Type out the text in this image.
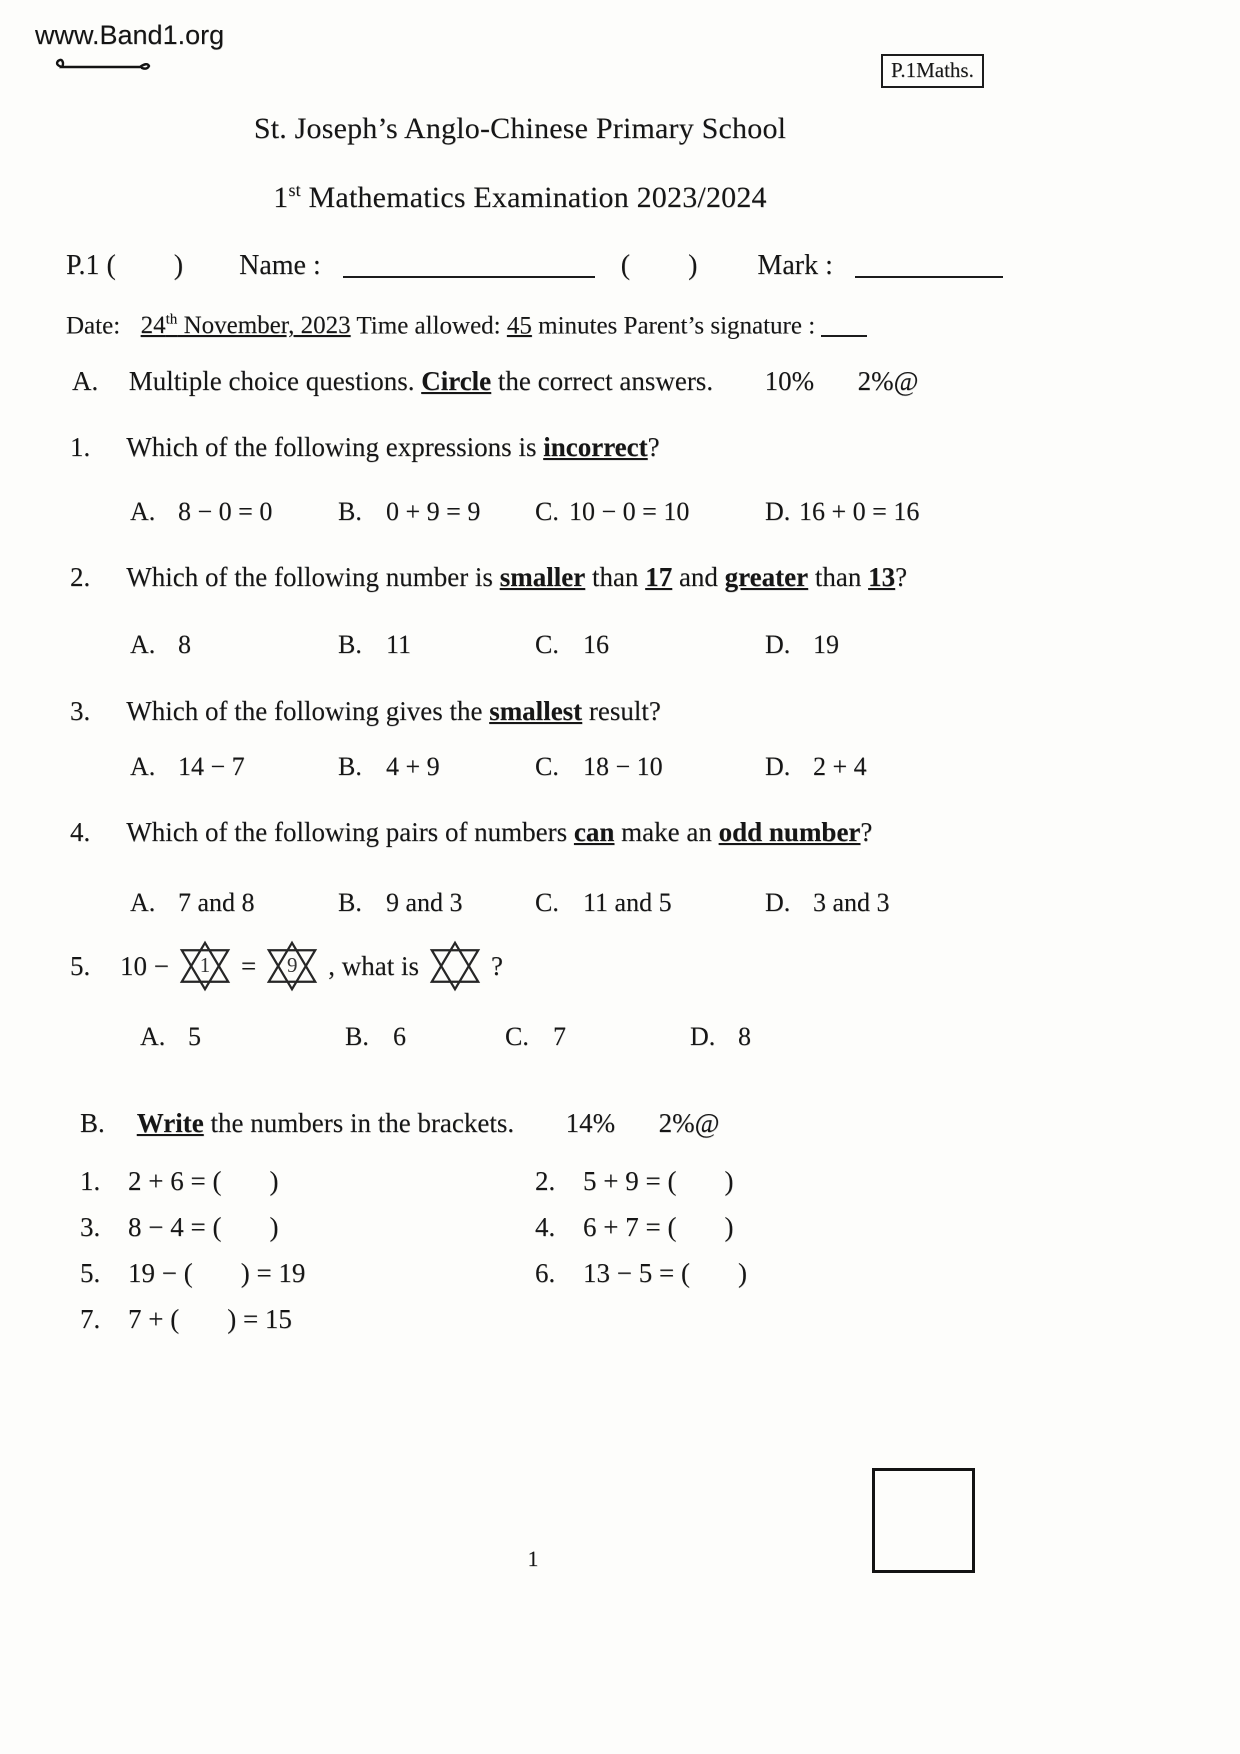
www.Band1.org
P.1Maths.
St. Joseph’s Anglo-Chinese Primary School
1st Mathematics Examination 2023/2024
P.1 ( ) Name :	( ) Mark :
Date: 24th November, 2023 Time allowed: 45 minutes Parent’s signature :
A. Multiple choice questions. Circle the correct answers. 10% 2%@
1. Which of the following expressions is incorrect?
A. 8 − 0 = 0	B. 0 + 9 = 9	C. 10 − 0 = 10	D. 16 + 0 = 16
2. Which of the following number is smaller than 17 and greater than 13?
A. 8	B. 11	C. 16	D. 19
3. Which of the following gives the smallest result?
A. 14 − 7	B. 4 + 9	C. 18 − 10	D. 2 + 4
4. Which of the following pairs of numbers can make an odd number?
A. 7 and 8	B. 9 and 3	C. 11 and 5	D. 3 and 3
5.	10 −	1	=	9	, what is	?
A. 5	B. 6	C. 7	D. 8
B. Write the numbers in the brackets. 14% 2%@
1. 2 + 6 = ( )	2. 5 + 9 = ( )
3. 8 − 4 = ( )	4. 6 + 7 = ( )
5. 19 − ( ) = 19	6. 13 − 5 = ( )
7. 7 + ( ) = 15
1
